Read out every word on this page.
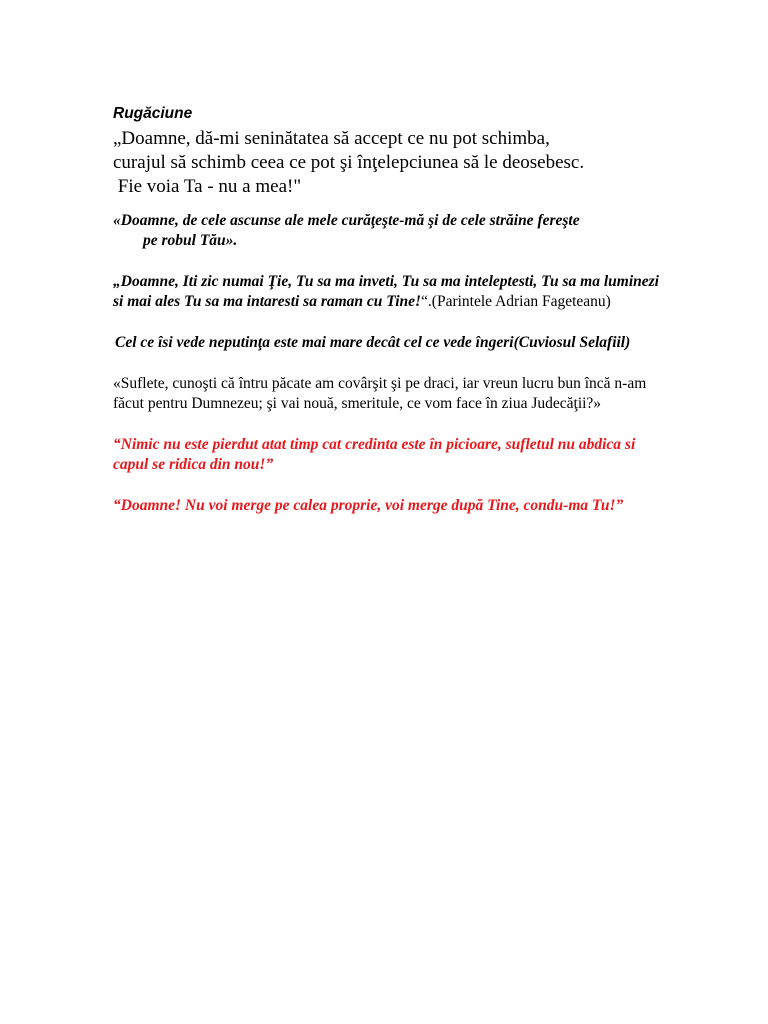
Rugăciune
„Doamne, dă-mi seninătatea să accept ce nu pot schimba,
curajul să schimb ceea ce pot şi înţelepciunea să le deosebesc.
Fie voia Ta - nu a mea!"
«Doamne, de cele ascunse ale mele curăţeşte-mă şi de cele străine fereşte
pe robul Tău».
„Doamne, Iti zic numai Ţie, Tu sa ma inveti, Tu sa ma inteleptesti, Tu sa ma luminezi si mai ales Tu sa ma intaresti sa raman cu Tine!“.(Parintele Adrian Fageteanu)
Cel ce îsi vede neputinţa este mai mare decât cel ce vede îngeri(Cuviosul Selafiil)
«Suflete, cunoşti că întru păcate am covârşit şi pe draci, iar vreun lucru bun încă n-am făcut pentru Dumnezeu; şi vai nouă, smeritule, ce vom face în ziua Judecăţii?»
“Nimic nu este pierdut atat timp cat credinta este în picioare, sufletul nu abdica si capul se ridica din nou!”
“Doamne! Nu voi merge pe calea proprie, voi merge după Tine, condu-ma Tu!”
